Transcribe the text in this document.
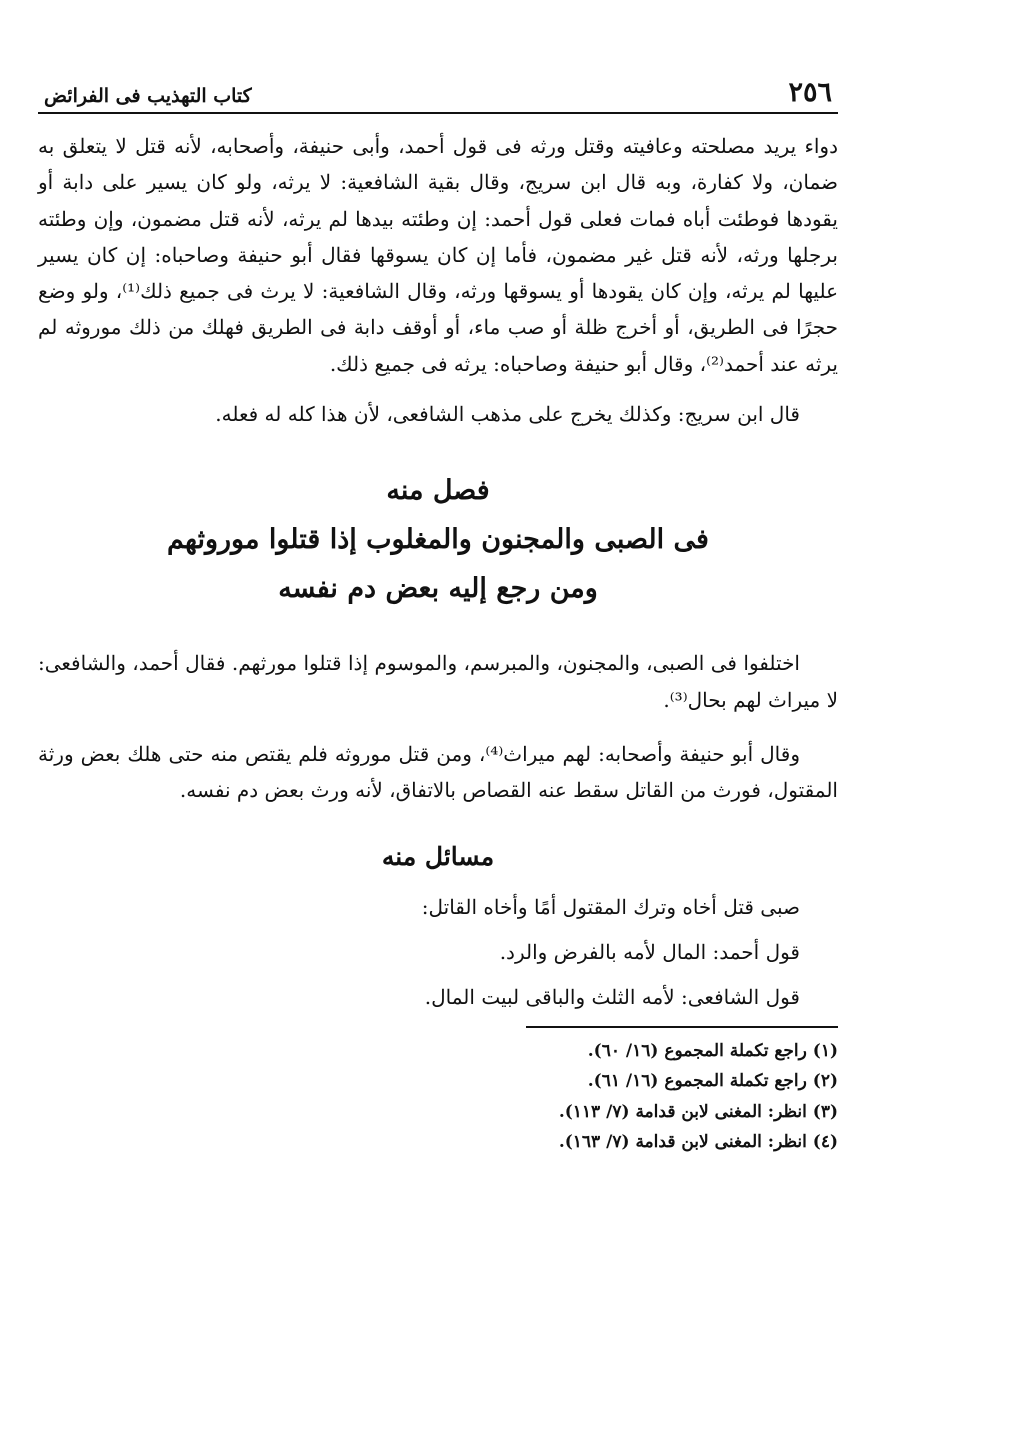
٢٥٦
كتاب التهذيب فى الفرائض

دواء يريد مصلحته وعافيته وقتل ورثه فى قول أحمد، وأبى حنيفة، وأصحابه، لأنه قتل لا يتعلق به ضمان، ولا كفارة، وبه قال ابن سريج، وقال بقية الشافعية: لا يرثه، ولو كان يسير على دابة أو يقودها فوطئت أباه فمات فعلى قول أحمد: إن وطئته بيدها لم يرثه، لأنه قتل مضمون، وإن وطئته برجلها ورثه، لأنه قتل غير مضمون، فأما إن كان يسوقها فقال أبو حنيفة وصاحباه: إن كان يسير عليها لم يرثه، وإن كان يقودها أو يسوقها ورثه، وقال الشافعية: لا يرث فى جميع ذلك⁽¹⁾، ولو وضع حجرًا فى الطريق، أو أخرج ظلة أو صب ماء، أو أوقف دابة فى الطريق فهلك من ذلك موروثه لم يرثه عند أحمد⁽²⁾، وقال أبو حنيفة وصاحباه: يرثه فى جميع ذلك.

قال ابن سريج: وكذلك يخرج على مذهب الشافعى، لأن هذا كله له فعله.

فصل منه
فى الصبى والمجنون والمغلوب إذا قتلوا موروثهم
ومن رجع إليه بعض دم نفسه

اختلفوا فى الصبى، والمجنون، والمبرسم، والموسوم إذا قتلوا مورثهم. فقال أحمد، والشافعى: لا ميراث لهم بحال⁽³⁾.

وقال أبو حنيفة وأصحابه: لهم ميراث⁽⁴⁾، ومن قتل موروثه فلم يقتص منه حتى هلك بعض ورثة المقتول، فورث من القاتل سقط عنه القصاص بالاتفاق، لأنه ورث بعض دم نفسه.

مسائل منه

صبى قتل أخاه وترك المقتول أمًا وأخاه القاتل:

قول أحمد: المال لأمه بالفرض والرد.

قول الشافعى: لأمه الثلث والباقى لبيت المال.

(١) راجع تكملة المجموع (١٦/ ٦٠).
(٢) راجع تكملة المجموع (١٦/ ٦١).
(٣) انظر: المغنى لابن قدامة (٧/ ١١٣).
(٤) انظر: المغنى لابن قدامة (٧/ ١٦٣).
